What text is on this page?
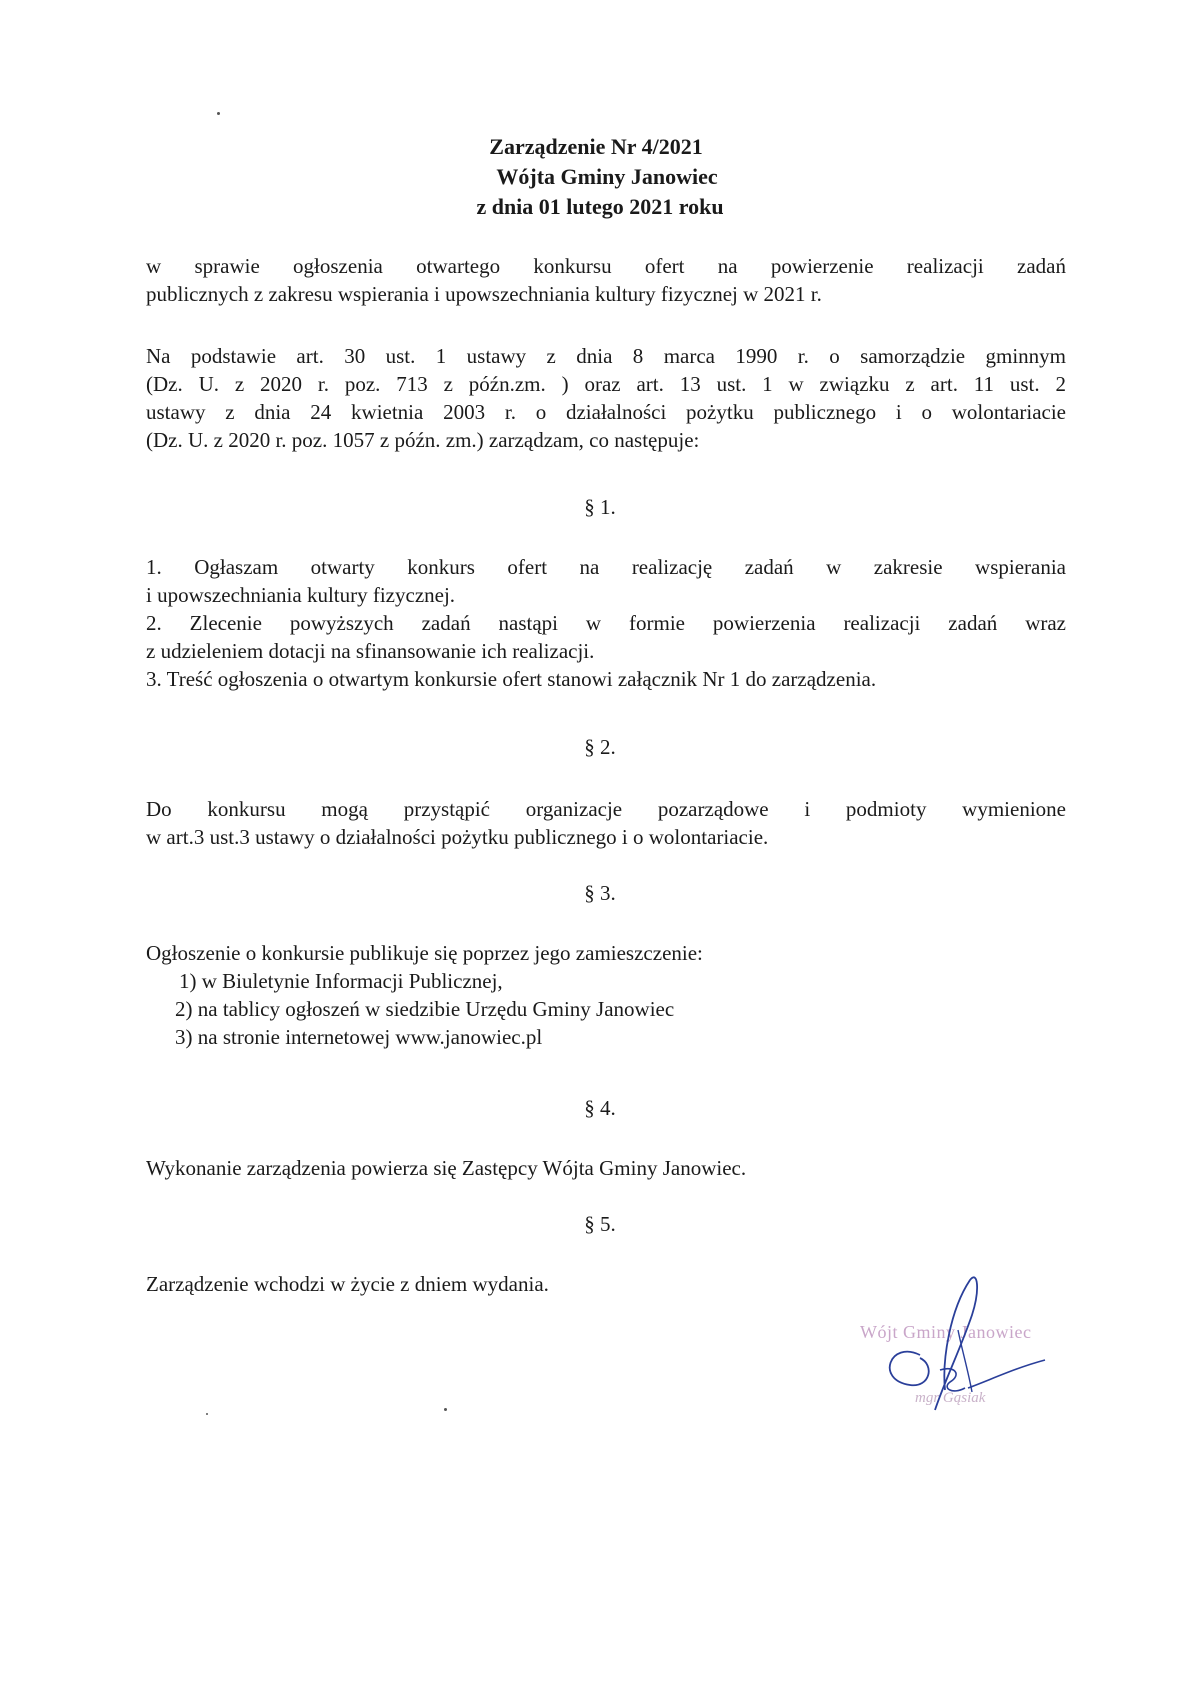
Zarządzenie Nr 4/2021
Wójta Gminy Janowiec
z dnia 01 lutego 2021 roku
w sprawie ogłoszenia otwartego konkursu ofert na powierzenie realizacji zadań
publicznych z zakresu wspierania i upowszechniania kultury fizycznej w 2021 r.
Na podstawie art. 30 ust. 1 ustawy z dnia 8 marca 1990 r. o samorządzie gminnym
(Dz. U. z 2020 r. poz. 713 z późn.zm. ) oraz art. 13 ust. 1 w związku z art. 11 ust. 2
ustawy z dnia 24 kwietnia 2003 r. o działalności pożytku publicznego i o wolontariacie
(Dz. U. z 2020 r. poz. 1057 z późn. zm.) zarządzam, co następuje:
§ 1.
1. Ogłaszam otwarty konkurs ofert na realizację zadań w zakresie wspierania
i upowszechniania kultury fizycznej.
2. Zlecenie powyższych zadań nastąpi w formie powierzenia realizacji zadań wraz
z udzieleniem dotacji na sfinansowanie ich realizacji.
3. Treść ogłoszenia o otwartym konkursie ofert stanowi załącznik Nr 1 do zarządzenia.
§ 2.
Do konkursu mogą przystąpić organizacje pozarządowe i podmioty wymienione
w art.3 ust.3 ustawy o działalności pożytku publicznego i o wolontariacie.
§ 3.
Ogłoszenie o konkursie publikuje się poprzez jego zamieszczenie:
1) w Biuletynie Informacji Publicznej,
2) na tablicy ogłoszeń w siedzibie Urzędu Gminy Janowiec
3) na stronie internetowej www.janowiec.pl
§ 4.
Wykonanie zarządzenia powierza się Zastępcy Wójta Gminy Janowiec.
§ 5.
Zarządzenie wchodzi w życie z dniem wydania.
Wójt Gminy Janowiec
mgr Gąsiak
